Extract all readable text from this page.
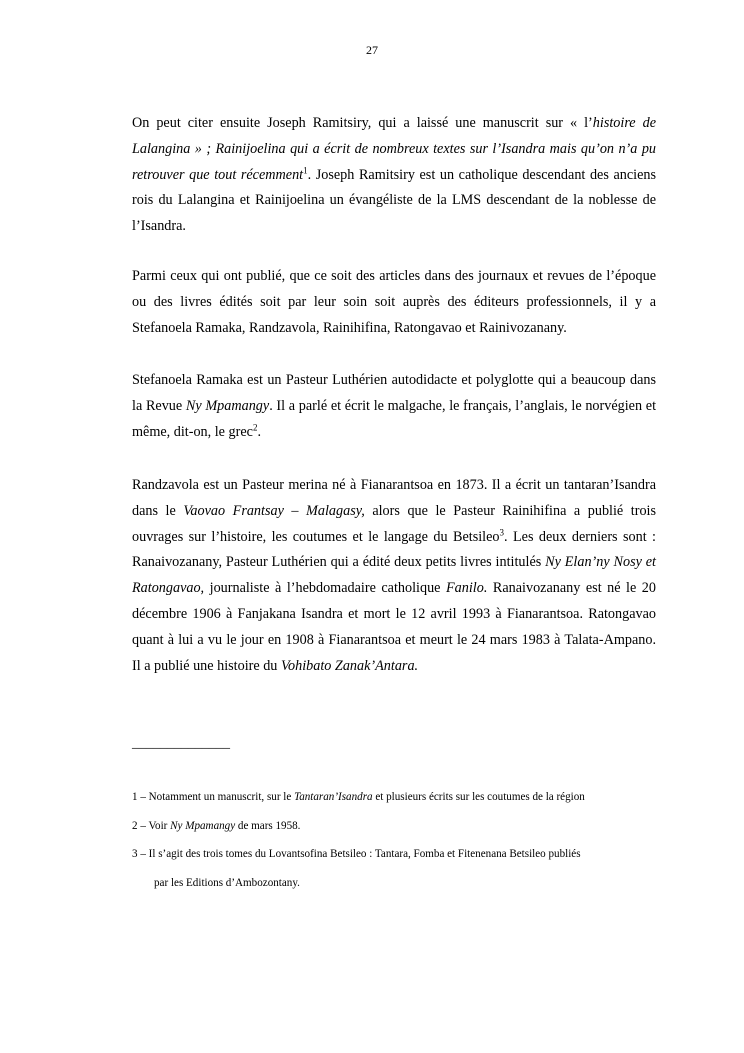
27

On peut citer ensuite Joseph Ramitsiry, qui a laissé une manuscrit sur « l’histoire de Lalangina » ; Rainijoelina qui a écrit de nombreux textes sur l’Isandra mais qu’on n’a pu retrouver que tout récemment$^1$. Joseph Ramitsiry est un catholique descendant des anciens rois du Lalangina et Rainijoelina un évangéliste de la LMS descendant de la noblesse de l’Isandra.

Parmi ceux qui ont publié, que ce soit des articles dans des journaux et revues de l’époque ou des livres édités soit par leur soin soit auprès des éditeurs professionnels, il y a Stefanoela Ramaka, Randzavola, Rainihifina, Ratongavao et Rainivozanany.

Stefanoela Ramaka est un Pasteur Luthérien autodidacte et polyglotte qui a beaucoup dans la Revue Ny Mpamangy. Il a parlé et écrit le malgache, le français, l’anglais, le norvégien et même, dit-on, le grec$^2$.

Randzavola est un Pasteur merina né à Fianarantsoa en 1873. Il a écrit un tantaran’Isandra dans le Vaovao Frantsay – Malagasy, alors que le Pasteur Rainihifina a publié trois ouvrages sur l’histoire, les coutumes et le langage du Betsileo$^3$. Les deux derniers sont : Ranaivozanany, Pasteur Luthérien qui a édité deux petits livres intitulés Ny Elan’ny Nosy et Ratongavao, journaliste à l’hebdomadaire catholique Fanilo. Ranaivozanany est né le 20 décembre 1906 à Fanjakana Isandra et mort le 12 avril 1993 à Fianarantsoa. Ratongavao quant à lui a vu le jour en 1908 à Fianarantsoa et meurt le 24 mars 1983 à Talata-Ampano. Il a publié une histoire du Vohibato Zanak’Antara.

______________
1 – Notamment un manuscrit, sur le Tantaran’Isandra et plusieurs écrits sur les coutumes de la région
2 – Voir Ny Mpamangy de mars 1958.
3 – Il s’agit des trois tomes du Lovantsofina Betsileo : Tantara, Fomba et Fitenenana Betsileo publiés
par les Editions d’Ambozontany.
